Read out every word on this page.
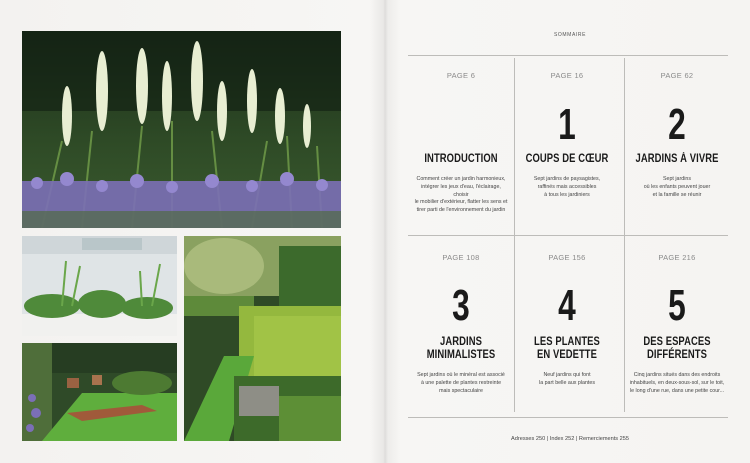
SOMMAIRE
PAGE 6
INTRODUCTION
Comment créer un jardin harmonieux,
intégrer les jeux d'eau, l'éclairage, choisir
le mobilier d'extérieur, flatter les sens et
tirer parti de l'environnement du jardin
PAGE 16
1
COUPS DE CŒUR
Sept jardins de paysagistes,
raffinés mais accessibles
à tous les jardiniers
PAGE 62
2
JARDINS À VIVRE
Sept jardins
où les enfants peuvent jouer
et la famille se réunir
PAGE 108
3
JARDINS
MINIMALISTES
Sept jardins où le minéral est associé
à une palette de plantes restreinte
mais spectaculaire
PAGE 156
4
LES PLANTES
EN VEDETTE
Neuf jardins qui font
la part belle aux plantes
PAGE 216
5
DES ESPACES
DIFFÉRENTS
Cinq jardins situés dans des endroits
inhabituels, en deux-sous-sol, sur le toit,
le long d'une rue, dans une petite cour...
Adresses 250 | Index 252 | Remerciements 255
